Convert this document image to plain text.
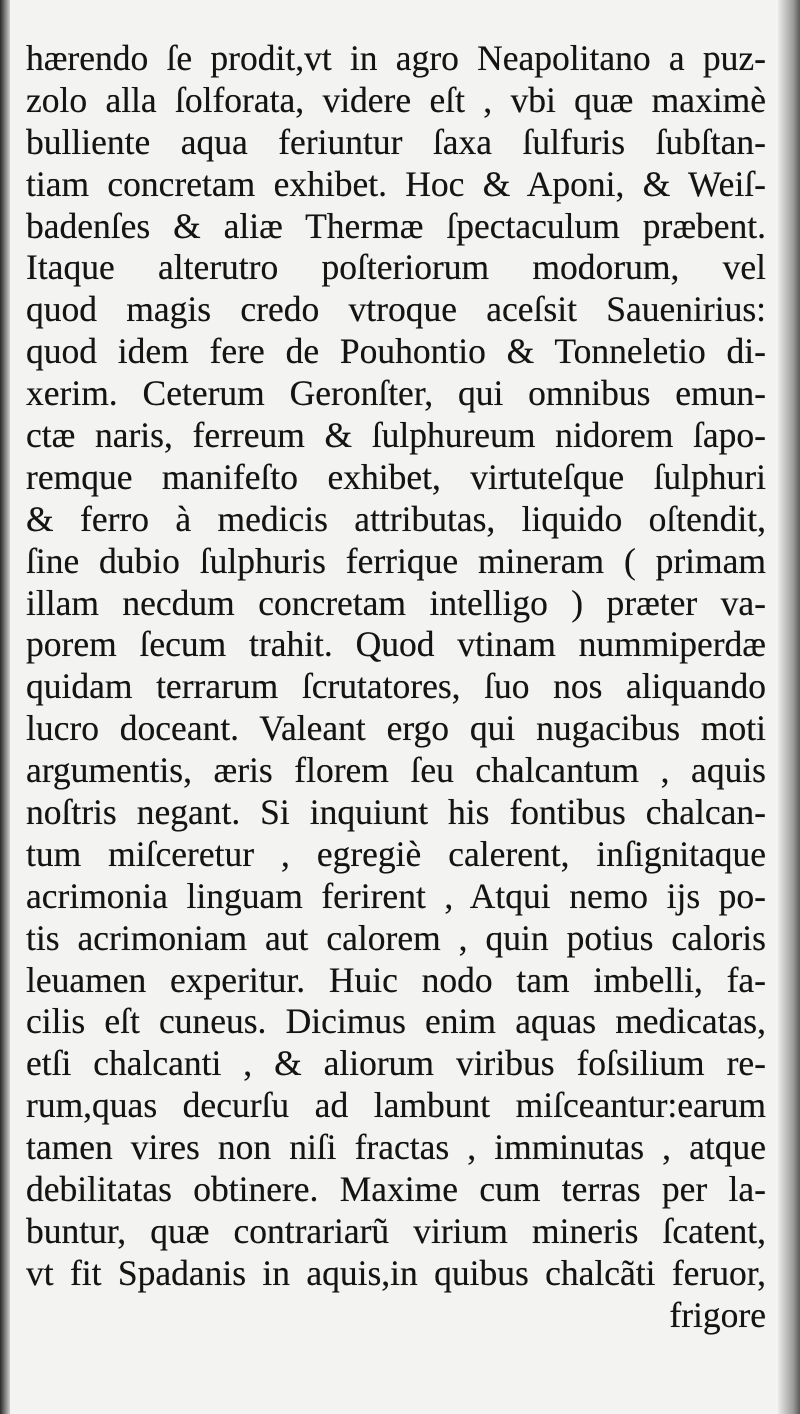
hærendo ſe prodit,vt in agro Neapolitano a puz-
zolo alla ſolforata, videre eſt , vbi quæ maximè
bulliente aqua feriuntur ſaxa ſulfuris ſubſtan-
tiam concretam exhibet. Hoc & Aponi, & Weiſ-
badenſes & aliæ Thermæ ſpectaculum præbent.
Itaque alterutro poſteriorum modorum, vel
quod magis credo vtroque aceſsit Sauenirius:
quod idem fere de Pouhontio & Tonneletio di-
xerim. Ceterum Geronſter, qui omnibus emun-
ctæ naris, ferreum & ſulphureum nidorem ſapo-
remque manifeſto exhibet, virtuteſque ſulphuri
& ferro à medicis attributas, liquido oſtendit,
ſine dubio ſulphuris ferrique mineram ( primam
illam necdum concretam intelligo ) præter va-
porem ſecum trahit. Quod vtinam nummiperdæ
quidam terrarum ſcrutatores, ſuo nos aliquando
lucro doceant. Valeant ergo qui nugacibus moti
argumentis, æris florem ſeu chalcantum , aquis
noſtris negant. Si inquiunt his fontibus chalcan-
tum miſceretur , egregiè calerent, inſignitaque
acrimonia linguam ferirent , Atqui nemo ijs po-
tis acrimoniam aut calorem , quin potius caloris
leuamen experitur. Huic nodo tam imbelli, fa-
cilis eſt cuneus. Dicimus enim aquas medicatas,
etſi chalcanti , & aliorum viribus foſsilium re-
rum,quas decurſu ad lambunt miſceantur:earum
tamen vires non niſi fractas , imminutas , atque
debilitatas obtinere. Maxime cum terras per la-
buntur, quæ contrariarũ virium mineris ſcatent,
vt fit Spadanis in aquis,in quibus chalcãti feruor,
frigore
